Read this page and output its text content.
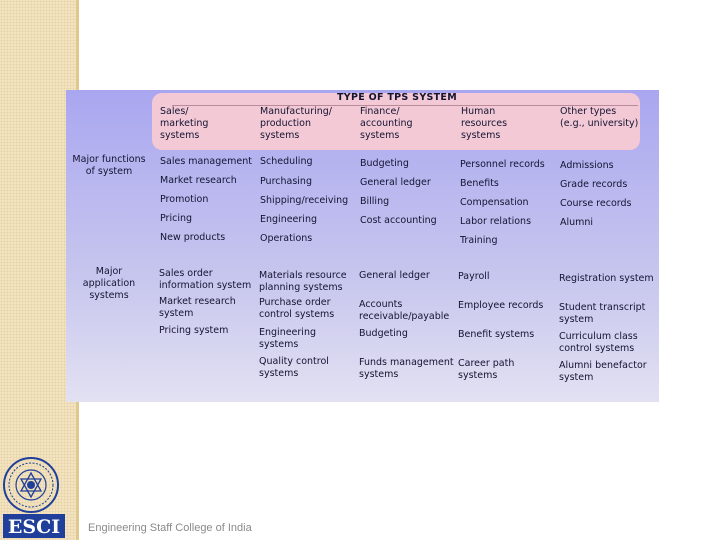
ESCI	Engineering Staff College of India
TYPE OF TPS SYSTEM
Sales/
marketing
systems
Manufacturing/
production
systems
Finance/
accounting
systems
Human
resources
systems
Other types
(e.g., university)
Major functions
of system
Major
application
systems
Sales management
Market research
Promotion
Pricing
New products
Scheduling
Purchasing
Shipping/receiving
Engineering
Operations
Budgeting
General ledger
Billing
Cost accounting
Personnel records
Benefits
Compensation
Labor relations
Training
Admissions
Grade records
Course records
Alumni
Sales order
information system
Market research
system
Pricing system
Materials resource
planning systems
Purchase order
control systems
Engineering
systems
Quality control
systems
General ledger
Accounts
receivable/payable
Budgeting
Funds management
systems
Payroll
Employee records
Benefit systems
Career path
systems
Registration system
Student transcript
system
Curriculum class
control systems
Alumni benefactor
system
